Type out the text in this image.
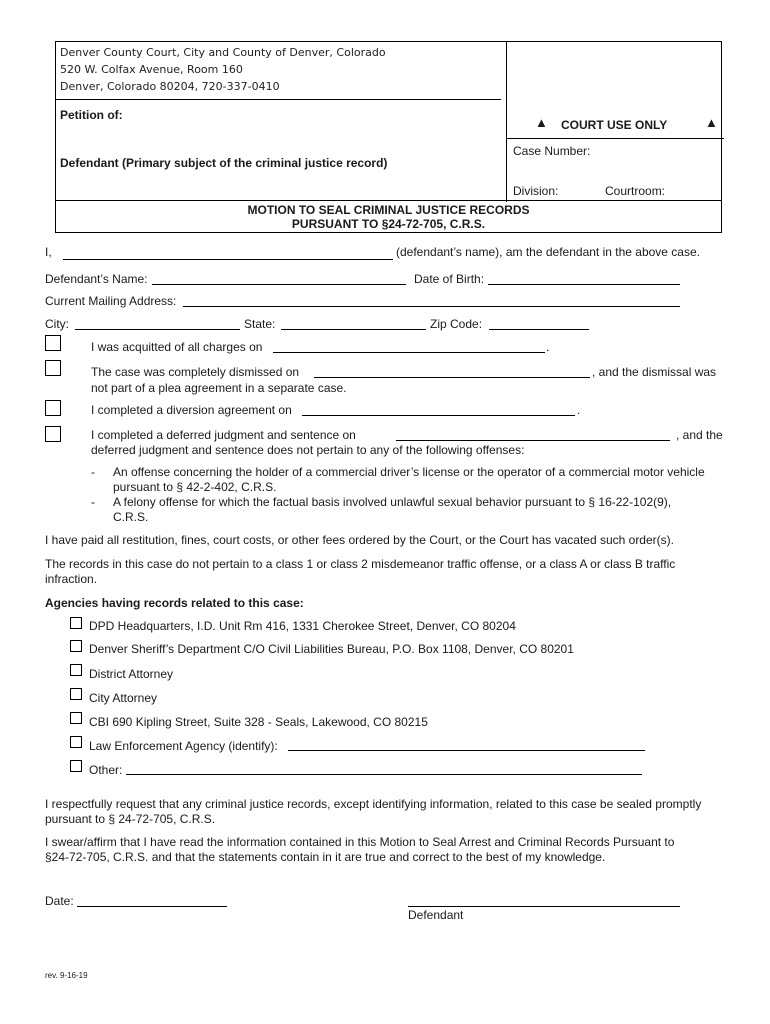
Denver County Court, City and County of Denver, Colorado
520 W. Colfax Avenue, Room 160
Denver, Colorado 80204, 720-337-0410
Petition of:
Defendant (Primary subject of the criminal justice record)
▲ COURT USE ONLY	▲
Case Number:
Division:	Courtroom:
MOTION TO SEAL CRIMINAL JUSTICE RECORDS
PURSUANT TO §24-72-705, C.R.S.
I,	(defendant’s name), am the defendant in the above case.
Defendant’s Name:	Date of Birth:
Current Mailing Address:
City:	State:	Zip Code:
I was acquitted of all charges on	.
The case was completely dismissed on	, and the dismissal was
not part of a plea agreement in a separate case.
I completed a diversion agreement on	.
I completed a deferred judgment and sentence on	, and the
deferred judgment and sentence does not pertain to any of the following offenses:
- An offense concerning the holder of a commercial driver’s license or the operator of a commercial motor vehicle
pursuant to § 42-2-402, C.R.S.
- A felony offense for which the factual basis involved unlawful sexual behavior pursuant to § 16-22-102(9),
C.R.S.
I have paid all restitution, fines, court costs, or other fees ordered by the Court, or the Court has vacated such order(s).
The records in this case do not pertain to a class 1 or class 2 misdemeanor traffic offense, or a class A or class B traffic
infraction.
Agencies having records related to this case:
DPD Headquarters, I.D. Unit Rm 416, 1331 Cherokee Street, Denver, CO 80204
Denver Sheriff’s Department C/O Civil Liabilities Bureau, P.O. Box 1108, Denver, CO 80201
District Attorney
City Attorney
CBI 690 Kipling Street, Suite 328 - Seals, Lakewood, CO 80215
Law Enforcement Agency (identify):
Other:
I respectfully request that any criminal justice records, except identifying information, related to this case be sealed promptly
pursuant to § 24-72-705, C.R.S.
I swear/affirm that I have read the information contained in this Motion to Seal Arrest and Criminal Records Pursuant to
§24-72-705, C.R.S. and that the statements contain in it are true and correct to the best of my knowledge.
Date:
Defendant
rev. 9-16-19
